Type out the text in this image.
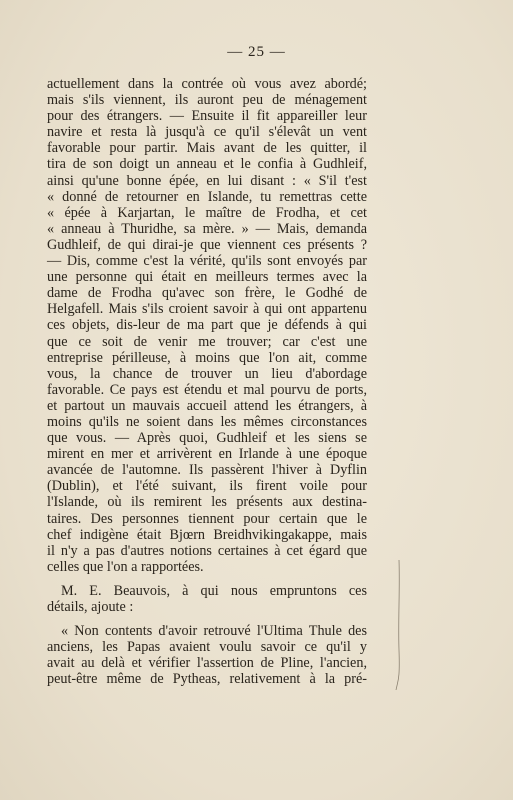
— 25 —
actuellement dans la contrée où vous avez abordé;
mais s'ils viennent, ils auront peu de ménagement
pour des étrangers. — Ensuite il fit appareiller leur
navire et resta là jusqu'à ce qu'il s'élevât un vent
favorable pour partir. Mais avant de les quitter, il
tira de son doigt un anneau et le confia à Gudhleif,
ainsi qu'une bonne épée, en lui disant : « S'il t'est
« donné de retourner en Islande, tu remettras cette
« épée à Karjartan, le maître de Frodha, et cet
« anneau à Thuridhe, sa mère. » — Mais, demanda
Gudhleif, de qui dirai-je que viennent ces présents ?
— Dis, comme c'est la vérité, qu'ils sont envoyés par
une personne qui était en meilleurs termes avec la
dame de Frodha qu'avec son frère, le Godhé de
Helgafell. Mais s'ils croient savoir à qui ont appartenu
ces objets, dis-leur de ma part que je défends à qui
que ce soit de venir me trouver; car c'est une
entreprise périlleuse, à moins que l'on ait, comme
vous, la chance de trouver un lieu d'abordage
favorable. Ce pays est étendu et mal pourvu de ports,
et partout un mauvais accueil attend les étrangers, à
moins qu'ils ne soient dans les mêmes circonstances
que vous. — Après quoi, Gudhleif et les siens se
mirent en mer et arrivèrent en Irlande à une époque
avancée de l'automne. Ils passèrent l'hiver à Dyflin
(Dublin), et l'été suivant, ils firent voile pour
l'Islande, où ils remirent les présents aux destina-
taires. Des personnes tiennent pour certain que le
chef indigène était Bjœrn Breidhvikingakappe, mais
il n'y a pas d'autres notions certaines à cet égard que
celles que l'on a rapportées.
M. E. Beauvois, à qui nous empruntons ces
détails, ajoute :
« Non contents d'avoir retrouvé l'Ultima Thule des
anciens, les Papas avaient voulu savoir ce qu'il y
avait au delà et vérifier l'assertion de Pline, l'ancien,
peut-être même de Pytheas, relativement à la pré-
